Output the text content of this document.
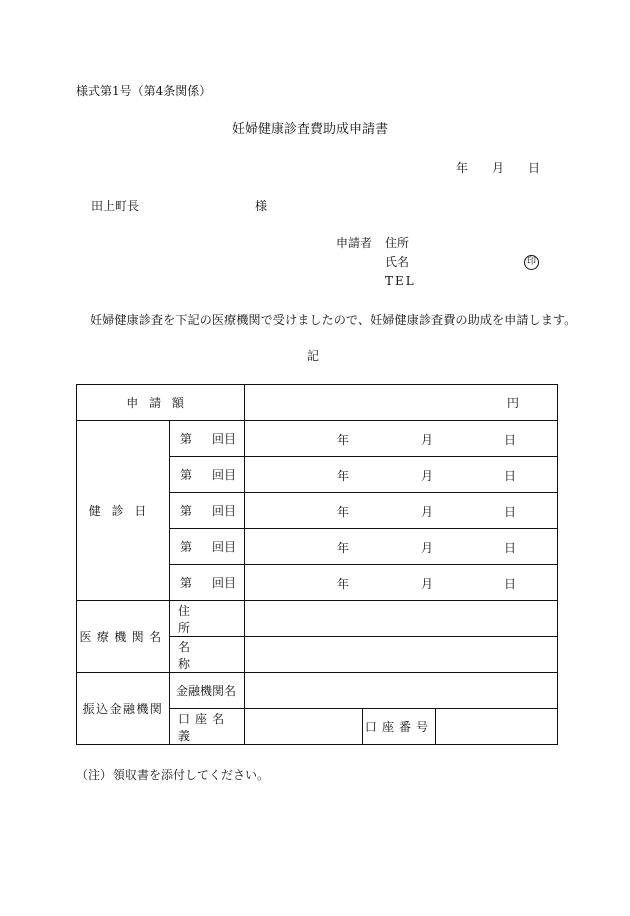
様式第1号（第4条関係）
妊婦健康診査費助成申請書
年 月 日
田上町長	様
申請者 住所
氏名	印
TEL
妊婦健康診査を下記の医療機関で受けましたので、妊婦健康診査費の助成を申請します。
記
申請額		円		
健診日	第 回目	年 月 日		

	第 回目	年 月 日		

	第 回目	年 月 日		

	第 回目	年 月 日		

	第 回目	年 月 日		

医療機関名	住所			
	名称			
振込金融機関	金融機関名			
	口座名義		口座番号	
（注） 領収書を添付してください。
